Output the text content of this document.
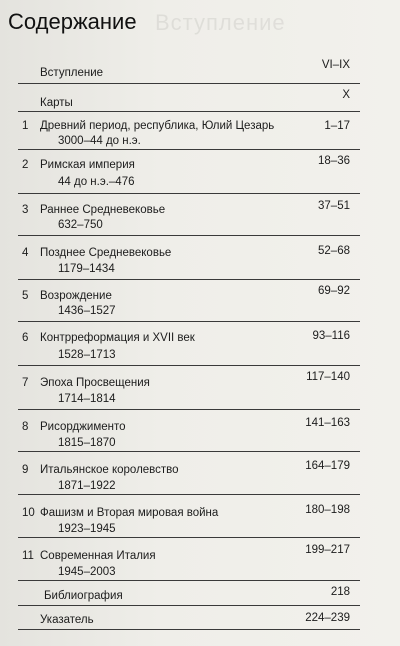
Вступление
Содержание
Вступление
VI–IX
Карты
X
1 Древний период, республика, Юлий Цезарь
3000–44 до н.э.
1–17
2 Римская империя
44 до н.э.–476
18–36
3 Раннее Средневековье
632–750
37–51
4 Позднее Средневековье
1179–1434
52–68
5 Возрождение
1436–1527
69–92
6 Контрреформация и XVII век
1528–1713
93–116
7 Эпоха Просвещения
1714–1814
117–140
8 Рисорджименто
1815–1870
141–163
9 Итальянское королевство
1871–1922
164–179
10 Фашизм и Вторая мировая война
1923–1945
180–198
11 Современная Италия
1945–2003
199–217
Библиография	218
Указатель	224–239
